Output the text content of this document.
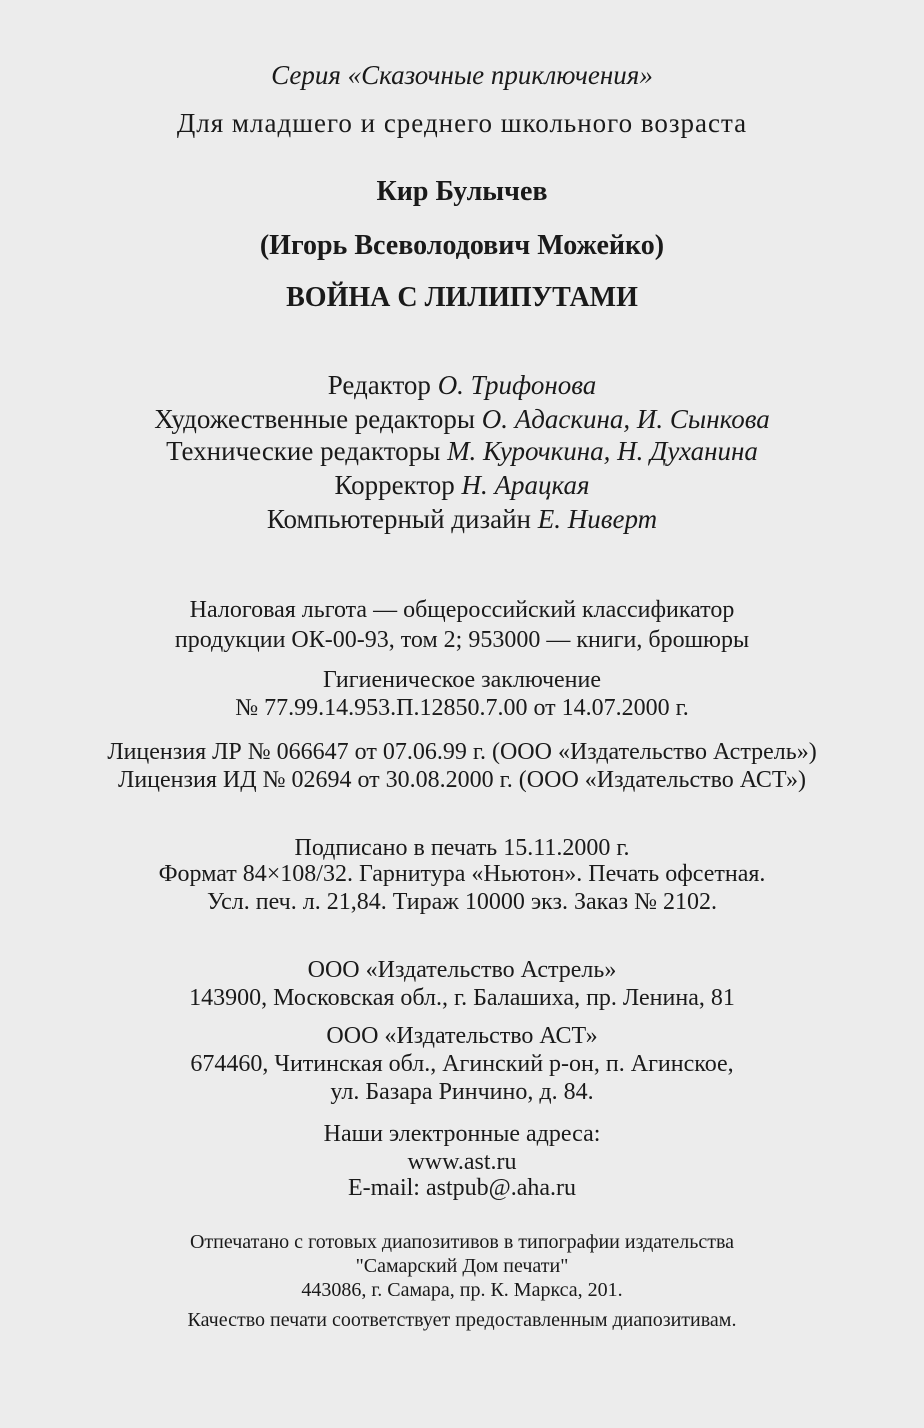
Серия «Сказочные приключения»
Для младшего и среднего школьного возраста
Кир Булычев
(Игорь Всеволодович Можейко)
ВОЙНА С ЛИЛИПУТАМИ
Редактор О. Трифонова
Художественные редакторы О. Адаскина, И. Сынкова
Технические редакторы М. Курочкина, Н. Духанина
Корректор Н. Арацкая
Компьютерный дизайн Е. Ниверт
Налоговая льгота — общероссийский классификатор
продукции ОК-00-93, том 2; 953000 — книги, брошюры
Гигиеническое заключение
№ 77.99.14.953.П.12850.7.00 от 14.07.2000 г.
Лицензия ЛР № 066647 от 07.06.99 г. (ООО «Издательство Астрель»)
Лицензия ИД № 02694 от 30.08.2000 г. (ООО «Издательство АСТ»)
Подписано в печать 15.11.2000 г.
Формат 84×108/32. Гарнитура «Ньютон». Печать офсетная.
Усл. печ. л. 21,84. Тираж 10000 экз. Заказ № 2102.
ООО «Издательство Астрель»
143900, Московская обл., г. Балашиха, пр. Ленина, 81
ООО «Издательство АСТ»
674460, Читинская обл., Агинский р-он, п. Агинское,
ул. Базара Ринчино, д. 84.
Наши электронные адреса:
www.ast.ru
E-mail: astpub@.aha.ru
Отпечатано с готовых диапозитивов в типографии издательства
"Самарский Дом печати"
443086, г. Самара, пр. К. Маркса, 201.
Качество печати соответствует предоставленным диапозитивам.
